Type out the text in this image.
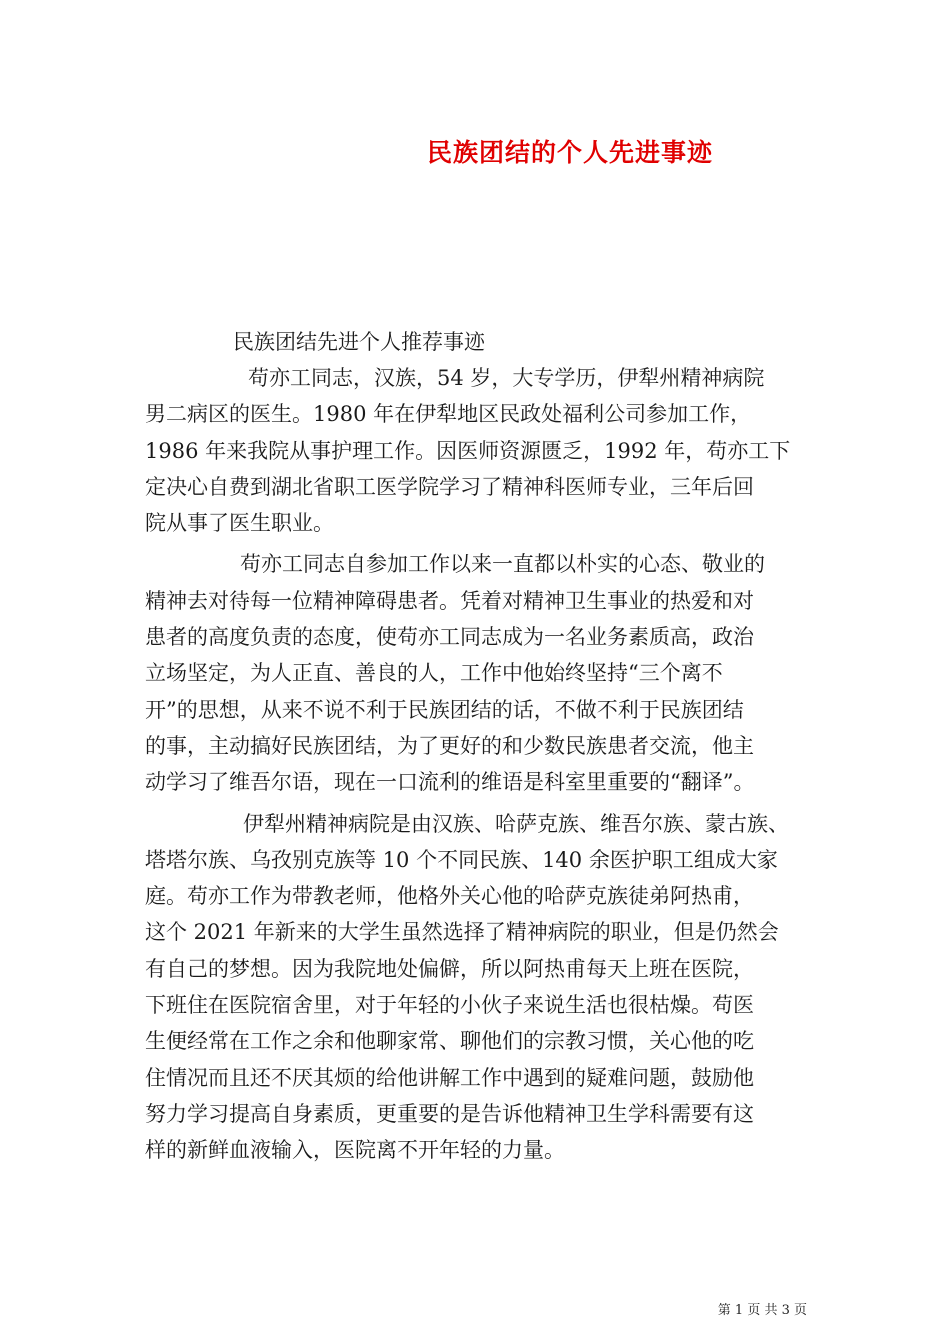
民族团结的个人先进事迹
民族团结先进个人推荐事迹
苟亦工同志，汉族，54 岁，大专学历，伊犁州精神病院
男二病区的医生。1980 年在伊犁地区民政处福利公司参加工作，
1986 年来我院从事护理工作。因医师资源匮乏，1992 年，苟亦工下
定决心自费到湖北省职工医学院学习了精神科医师专业，三年后回
院从事了医生职业。
苟亦工同志自参加工作以来一直都以朴实的心态、敬业的
精神去对待每一位精神障碍患者。凭着对精神卫生事业的热爱和对
患者的高度负责的态度，使苟亦工同志成为一名业务素质高，政治
立场坚定，为人正直、善良的人，工作中他始终坚持“三个离不
开”的思想，从来不说不利于民族团结的话，不做不利于民族团结
的事，主动搞好民族团结，为了更好的和少数民族患者交流，他主
动学习了维吾尔语，现在一口流利的维语是科室里重要的“翻译”。
伊犁州精神病院是由汉族、哈萨克族、维吾尔族、蒙古族、
塔塔尔族、乌孜别克族等 10 个不同民族、140 余医护职工组成大家
庭。苟亦工作为带教老师，他格外关心他的哈萨克族徒弟阿热甫，
这个 2021 年新来的大学生虽然选择了精神病院的职业，但是仍然会
有自己的梦想。因为我院地处偏僻，所以阿热甫每天上班在医院，
下班住在医院宿舍里，对于年轻的小伙子来说生活也很枯燥。苟医
生便经常在工作之余和他聊家常、聊他们的宗教习惯，关心他的吃
住情况而且还不厌其烦的给他讲解工作中遇到的疑难问题，鼓励他
努力学习提高自身素质，更重要的是告诉他精神卫生学科需要有这
样的新鲜血液输入，医院离不开年轻的力量。
第 1 页 共 3 页
